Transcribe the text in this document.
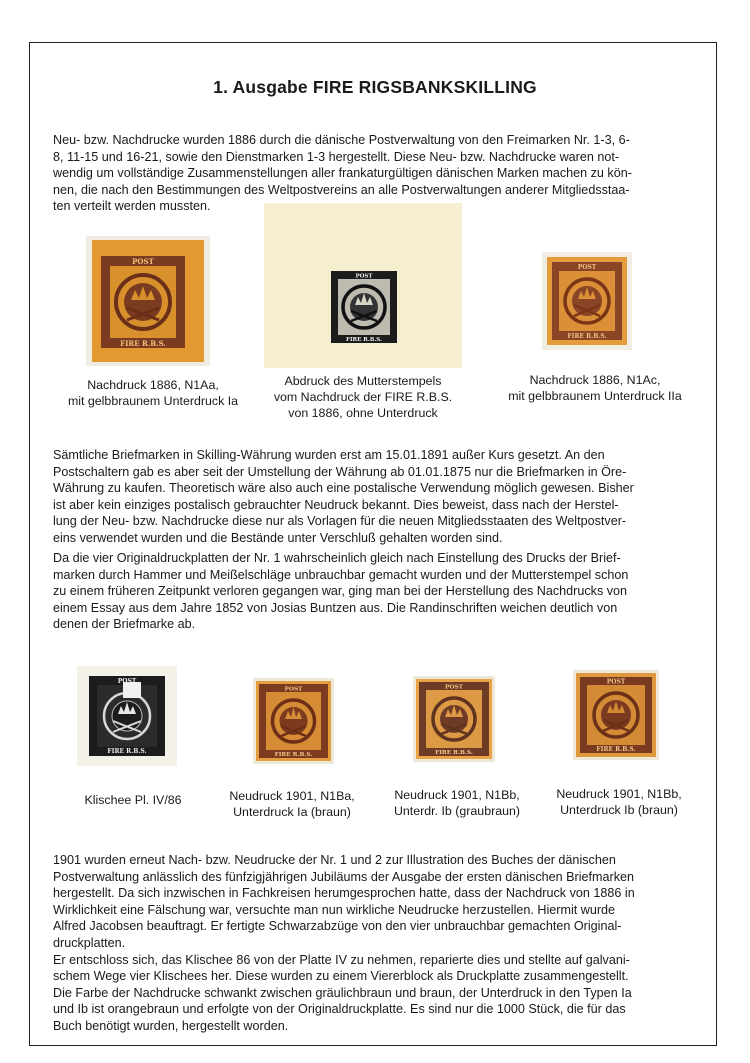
1. Ausgabe FIRE RIGSBANKSKILLING
Neu- bzw. Nachdrucke wurden 1886 durch die dänische Postverwaltung von den Freimarken Nr. 1-3, 6-
8, 11-15 und 16-21, sowie den Dienstmarken 1-3 hergestellt. Diese Neu- bzw. Nachdrucke waren not-
wendig um vollständige Zusammenstellungen aller frankaturgültigen dänischen Marken machen zu kön-
nen, die nach den Bestimmungen des Weltpostvereins an alle Postverwaltungen anderer Mitgliedsstaa-
ten verteilt werden mussten.
POST
FIRE R.B.S.
POST
FIRE R.B.S.
POST
FIRE R.B.S.
Nachdruck 1886, N1Aa,
mit gelbbraunem Unterdruck Ia
Abdruck des Mutterstempels
vom Nachdruck der FIRE R.B.S.
von 1886, ohne Unterdruck
Nachdruck 1886, N1Ac,
mit gelbbraunem Unterdruck IIa
Sämtliche Briefmarken in Skilling-Währung wurden erst am 15.01.1891 außer Kurs gesetzt. An den
Postschaltern gab es aber seit der Umstellung der Währung ab 01.01.1875 nur die Briefmarken in Öre-
Währung zu kaufen. Theoretisch wäre also auch eine postalische Verwendung möglich gewesen. Bisher
ist aber kein einziges postalisch gebrauchter Neudruck bekannt. Dies beweist, dass nach der Herstel-
lung der Neu- bzw. Nachdrucke diese nur als Vorlagen für die neuen Mitgliedsstaaten des Weltpostver-
eins verwendet wurden und die Bestände unter Verschluß gehalten worden sind.
Da die vier Originaldruckplatten der Nr. 1 wahrscheinlich gleich nach Einstellung des Drucks der Brief-
marken durch Hammer und Meißelschläge unbrauchbar gemacht wurden und der Mutterstempel schon
zu einem früheren Zeitpunkt verloren gegangen war, ging man bei der Herstellung des Nachdrucks von
einem Essay aus dem Jahre 1852 von Josias Buntzen aus. Die Randinschriften weichen deutlich von
denen der Briefmarke ab.
POST
FIRE R.B.S.
POST
FIRE R.B.S.
POST
FIRE R.B.S.
POST
FIRE R.B.S.
Klischee Pl. IV/86	Neudruck 1901, N1Ba,
Unterdruck Ia (braun)
Neudruck 1901, N1Bb,
Unterdr. Ib (graubraun)
Neudruck 1901, N1Bb,
Unterdruck Ib (braun)
1901 wurden erneut Nach- bzw. Neudrucke der Nr. 1 und 2 zur Illustration des Buches der dänischen
Postverwaltung anlässlich des fünfzigjährigen Jubiläums der Ausgabe der ersten dänischen Briefmarken
hergestellt. Da sich inzwischen in Fachkreisen herumgesprochen hatte, dass der Nachdruck von 1886 in
Wirklichkeit eine Fälschung war, versuchte man nun wirkliche Neudrucke herzustellen. Hiermit wurde
Alfred Jacobsen beauftragt. Er fertigte Schwarzabzüge von den vier unbrauchbar gemachten Original-
druckplatten.
Er entschloss sich, das Klischee 86 von der Platte IV zu nehmen, reparierte dies und stellte auf galvani-
schem Wege vier Klischees her. Diese wurden zu einem Viererblock als Druckplatte zusammengestellt.
Die Farbe der Nachdrucke schwankt zwischen gräulichbraun und braun, der Unterdruck in den Typen Ia
und Ib ist orangebraun und erfolgte von der Originaldruckplatte. Es sind nur die 1000 Stück, die für das
Buch benötigt wurden, hergestellt worden.
